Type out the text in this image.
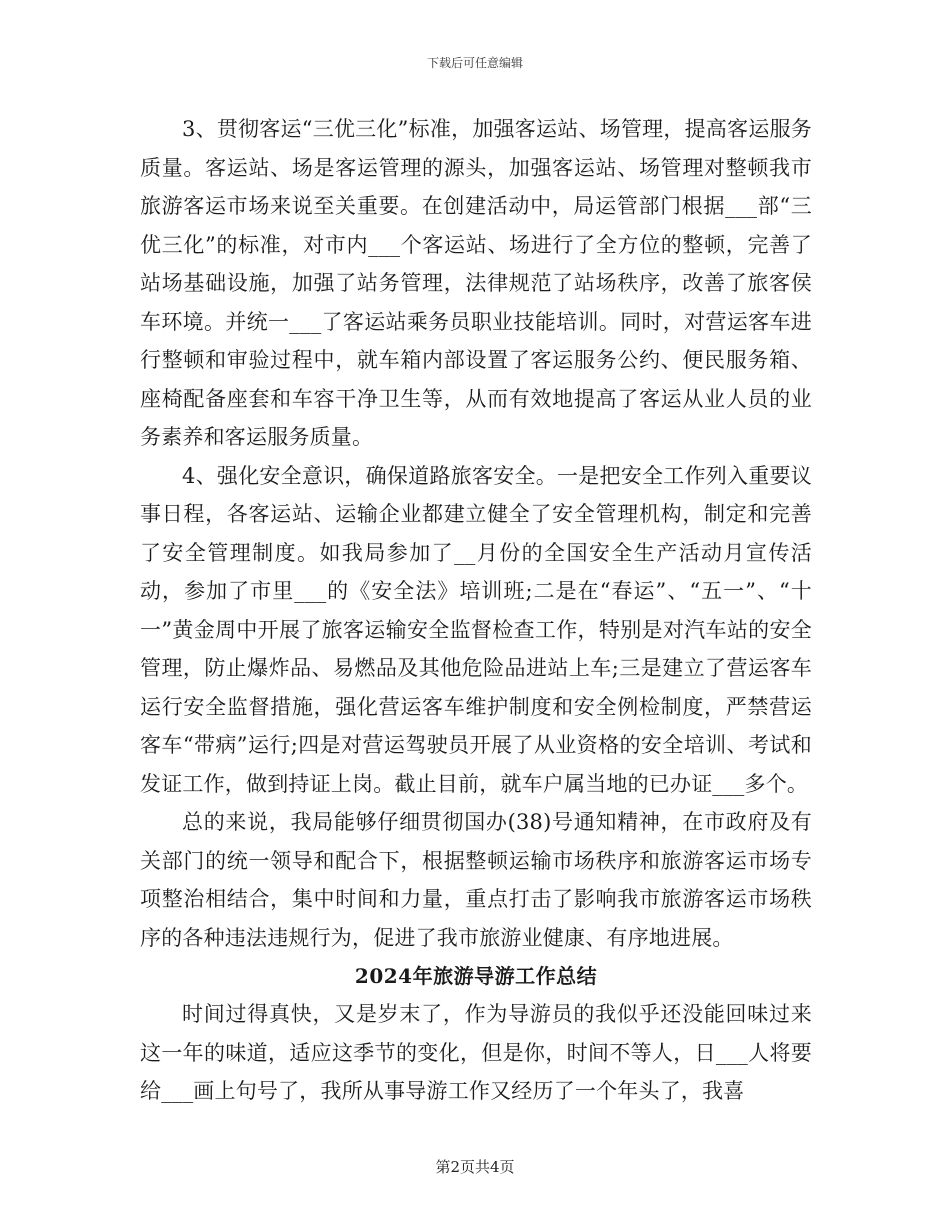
下载后可任意编辑

3、贯彻客运“三优三化”标准，加强客运站、场管理，提高客运服务质量。客运站、场是客运管理的源头，加强客运站、场管理对整顿我市旅游客运市场来说至关重要。在创建活动中，局运管部门根据___部“三优三化”的标准，对市内___个客运站、场进行了全方位的整顿，完善了站场基础设施，加强了站务管理，法律规范了站场秩序，改善了旅客侯车环境。并统一___了客运站乘务员职业技能培训。同时，对营运客车进行整顿和审验过程中，就车箱内部设置了客运服务公约、便民服务箱、座椅配备座套和车容干净卫生等，从而有效地提高了客运从业人员的业务素养和客运服务质量。

4、强化安全意识，确保道路旅客安全。一是把安全工作列入重要议事日程，各客运站、运输企业都建立健全了安全管理机构，制定和完善了安全管理制度。如我局参加了__月份的全国安全生产活动月宣传活动，参加了市里___的《安全法》培训班;二是在“春运”、“五一”、“十一”黄金周中开展了旅客运输安全监督检查工作，特别是对汽车站的安全管理，防止爆炸品、易燃品及其他危险品进站上车;三是建立了营运客车运行安全监督措施，强化营运客车维护制度和安全例检制度，严禁营运客车“带病”运行;四是对营运驾驶员开展了从业资格的安全培训、考试和发证工作，做到持证上岗。截止目前，就车户属当地的已办证___多个。

总的来说，我局能够仔细贯彻国办(38)号通知精神，在市政府及有关部门的统一领导和配合下，根据整顿运输市场秩序和旅游客运市场专项整治相结合，集中时间和力量，重点打击了影响我市旅游客运市场秩序的各种违法违规行为，促进了我市旅游业健康、有序地进展。

2024年旅游导游工作总结

时间过得真快，又是岁末了，作为导游员的我似乎还没能回味过来这一年的味道，适应这季节的变化，但是你，时间不等人，日___人将要给___画上句号了，我所从事导游工作又经历了一个年头了，我喜

第2页共4页
